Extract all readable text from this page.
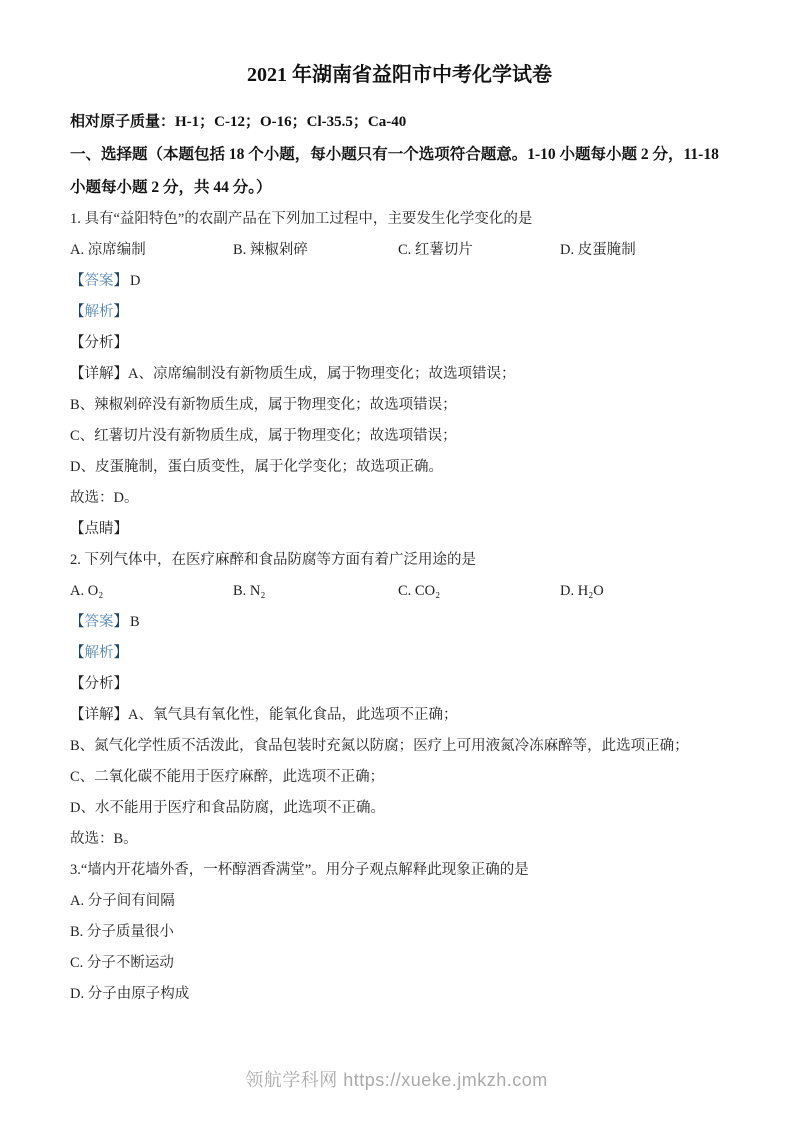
2021 年湖南省益阳市中考化学试卷

相对原子质量：H-1；C-12；O-16；Cl-35.5；Ca-40

一、选择题（本题包括 18 个小题，每小题只有一个选项符合题意。1-10 小题每小题 2 分，11-18 小题每小题 2 分，共 44 分。）

1. 具有“益阳特色”的农副产品在下列加工过程中，主要发生化学变化的是

A. 凉席编制	B. 辣椒剁碎	C. 红薯切片	D. 皮蛋腌制

【答案】 D

【解析】

【分析】

【详解】A、凉席编制没有新物质生成，属于物理变化；故选项错误；

B、辣椒剁碎没有新物质生成，属于物理变化；故选项错误；

C、红薯切片没有新物质生成，属于物理变化；故选项错误；

D、皮蛋腌制，蛋白质变性，属于化学变化；故选项正确。

故选：D。

【点睛】

2. 下列气体中，在医疗麻醉和食品防腐等方面有着广泛用途的是

A. O₂	B. N₂	C. CO₂	D. H₂O

【答案】 B

【解析】

【分析】

【详解】A、氧气具有氧化性，能氧化食品，此选项不正确；

B、氮气化学性质不活泼此，食品包装时充氮以防腐；医疗上可用液氮冷冻麻醉等，此选项正确；

C、二氧化碳不能用于医疗麻醉，此选项不正确；

D、水不能用于医疗和食品防腐，此选项不正确。

故选：B。

3.“墙内开花墙外香，一杯醇酒香满堂”。用分子观点解释此现象正确的是

A. 分子间有间隔

B. 分子质量很小

C. 分子不断运动

D. 分子由原子构成

领航学科网 https://xueke.jmkzh.com
